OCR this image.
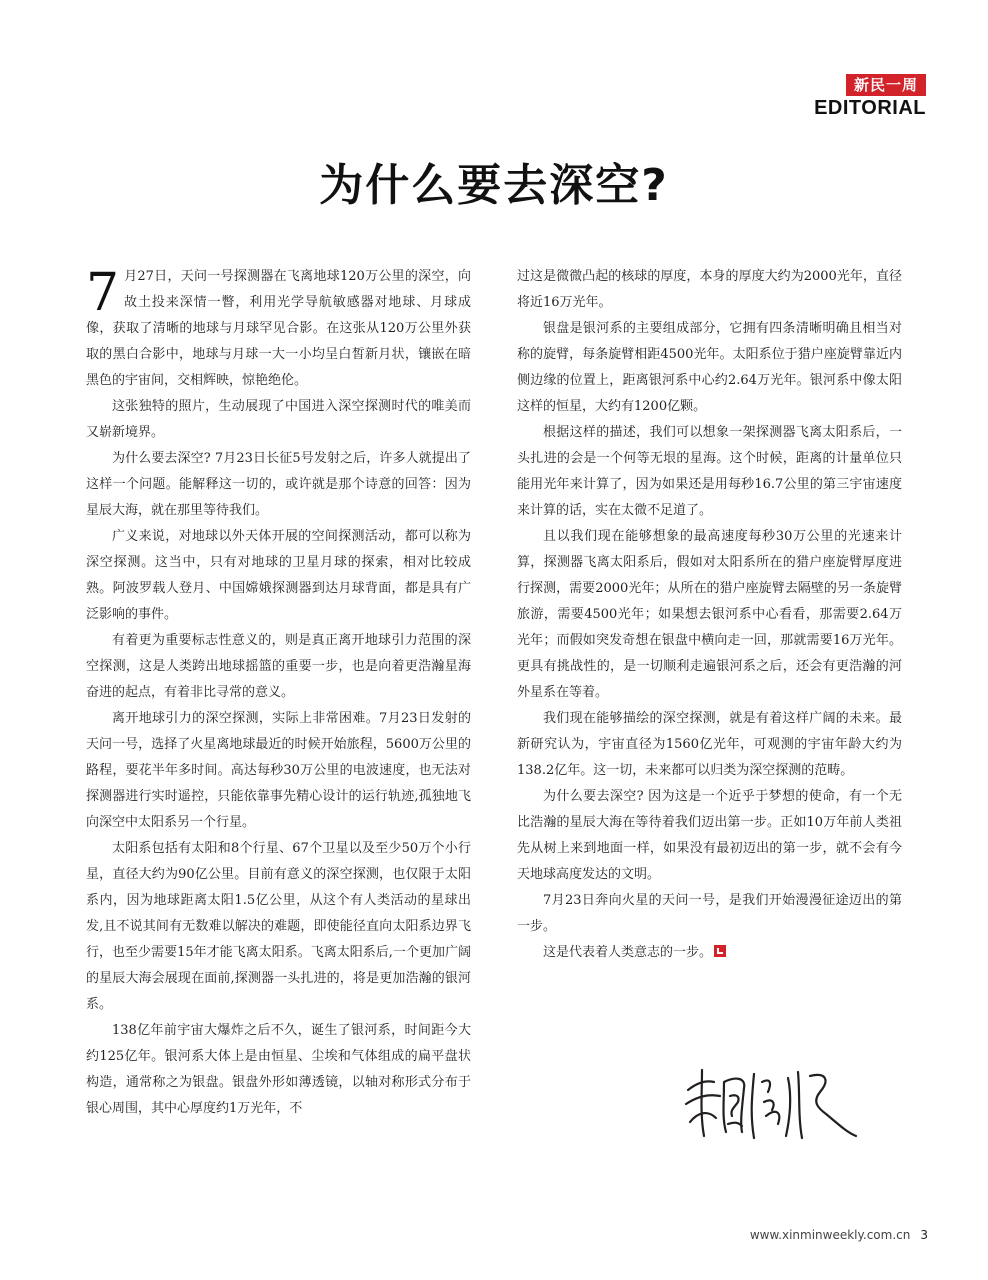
新民一周
EDITORIAL
为什么要去深空?

7 月27日，天问一号探测器在飞离地球120万公里的深空，向故土投来深情一瞥，利用光学导航敏感器对地球、月球成像，获取了清晰的地球与月球罕见合影。在这张从120万公里外获取的黑白合影中，地球与月球一大一小均呈白皙新月状，镶嵌在暗黑色的宇宙间，交相辉映，惊艳绝伦。

这张独特的照片，生动展现了中国进入深空探测时代的唯美而又崭新境界。

为什么要去深空? 7月23日长征5号发射之后，许多人就提出了这样一个问题。能解释这一切的，或许就是那个诗意的回答：因为星辰大海，就在那里等待我们。

广义来说，对地球以外天体开展的空间探测活动，都可以称为深空探测。这当中，只有对地球的卫星月球的探索，相对比较成熟。阿波罗载人登月、中国嫦娥探测器到达月球背面，都是具有广泛影响的事件。

有着更为重要标志性意义的，则是真正离开地球引力范围的深空探测，这是人类跨出地球摇篮的重要一步，也是向着更浩瀚星海奋进的起点，有着非比寻常的意义。

离开地球引力的深空探测，实际上非常困难。7月23日发射的天问一号，选择了火星离地球最近的时候开始旅程，5600万公里的路程，要花半年多时间。高达每秒30万公里的电波速度，也无法对探测器进行实时遥控，只能依靠事先精心设计的运行轨迹,孤独地飞向深空中太阳系另一个行星。

太阳系包括有太阳和8个行星、67个卫星以及至少50万个小行星，直径大约为90亿公里。目前有意义的深空探测，也仅限于太阳系内，因为地球距离太阳1.5亿公里，从这个有人类活动的星球出发,且不说其间有无数难以解决的难题，即使能径直向太阳系边界飞行，也至少需要15年才能飞离太阳系。飞离太阳系后,一个更加广阔的星辰大海会展现在面前,探测器一头扎进的，将是更加浩瀚的银河系。

138亿年前宇宙大爆炸之后不久，诞生了银河系，时间距今大约125亿年。银河系大体上是由恒星、尘埃和气体组成的扁平盘状构造，通常称之为银盘。银盘外形如薄透镜，以轴对称形式分布于银心周围，其中心厚度约1万光年，不

过这是微微凸起的核球的厚度，本身的厚度大约为2000光年，直径将近16万光年。

银盘是银河系的主要组成部分，它拥有四条清晰明确且相当对称的旋臂，每条旋臂相距4500光年。太阳系位于猎户座旋臂靠近内侧边缘的位置上，距离银河系中心约2.64万光年。银河系中像太阳这样的恒星，大约有1200亿颗。

根据这样的描述，我们可以想象一架探测器飞离太阳系后，一头扎进的会是一个何等无垠的星海。这个时候，距离的计量单位只能用光年来计算了，因为如果还是用每秒16.7公里的第三宇宙速度来计算的话，实在太微不足道了。

且以我们现在能够想象的最高速度每秒30万公里的光速来计算，探测器飞离太阳系后，假如对太阳系所在的猎户座旋臂厚度进行探测，需要2000光年；从所在的猎户座旋臂去隔壁的另一条旋臂旅游，需要4500光年；如果想去银河系中心看看，那需要2.64万光年；而假如突发奇想在银盘中横向走一回，那就需要16万光年。更具有挑战性的，是一切顺利走遍银河系之后，还会有更浩瀚的河外星系在等着。

我们现在能够描绘的深空探测，就是有着这样广阔的未来。最新研究认为，宇宙直径为1560亿光年，可观测的宇宙年龄大约为138.2亿年。这一切，未来都可以归类为深空探测的范畴。

为什么要去深空? 因为这是一个近乎于梦想的使命，有一个无比浩瀚的星辰大海在等待着我们迈出第一步。正如10万年前人类祖先从树上来到地面一样，如果没有最初迈出的第一步，就不会有今天地球高度发达的文明。

7月23日奔向火星的天问一号，是我们开始漫漫征途迈出的第一步。

这是代表着人类意志的一步。

www.xinminweekly.com.cn 3
